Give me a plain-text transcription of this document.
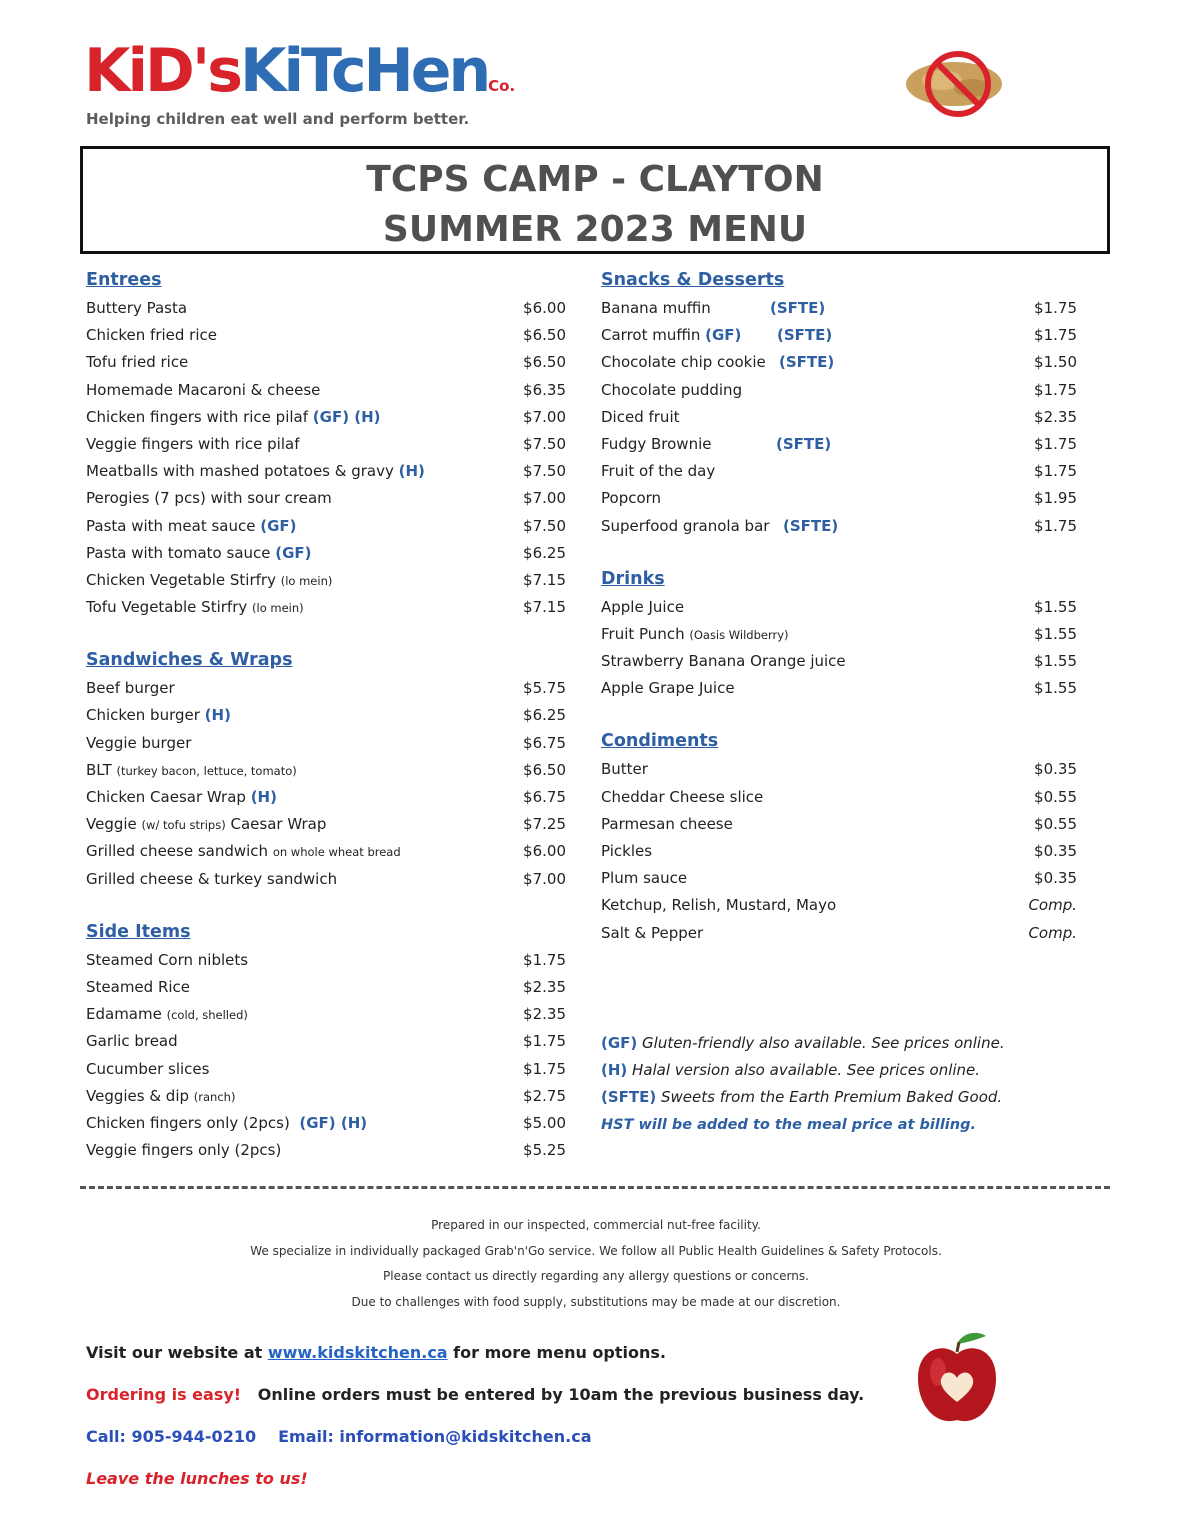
KiD'sKiTcHenCo.
Helping children eat well and perform better.
TCPS CAMP - CLAYTON
SUMMER 2023 MENU
Entrees
Buttery Pasta	$6.00
Chicken fried rice	$6.50
Tofu fried rice	$6.50
Homemade Macaroni & cheese	$6.35
Chicken fingers with rice pilaf (GF) (H)	$7.00
Veggie fingers with rice pilaf	$7.50
Meatballs with mashed potatoes & gravy (H)	$7.50
Perogies (7 pcs) with sour cream	$7.00
Pasta with meat sauce (GF)	$7.50
Pasta with tomato sauce (GF)	$6.25
Chicken Vegetable Stirfry (lo mein)	$7.15
Tofu Vegetable Stirfry (lo mein)	$7.15
Sandwiches & Wraps
Beef burger	$5.75
Chicken burger (H)	$6.25
Veggie burger	$6.75
BLT (turkey bacon, lettuce, tomato)	$6.50
Chicken Caesar Wrap (H)	$6.75
Veggie (w/ tofu strips) Caesar Wrap	$7.25
Grilled cheese sandwich on whole wheat bread	$6.00
Grilled cheese & turkey sandwich	$7.00
Side Items
Steamed Corn niblets	$1.75
Steamed Rice	$2.35
Edamame (cold, shelled)	$2.35
Garlic bread	$1.75
Cucumber slices	$1.75
Veggies & dip (ranch)	$2.75
Chicken fingers only (2pcs)  (GF) (H)	$5.00
Veggie fingers only (2pcs)	$5.25
Snacks & Desserts
Banana muffin	(SFTE)	$1.75
Carrot muffin (GF) (SFTE)	$1.75
Chocolate chip cookie (SFTE)	$1.50
Chocolate pudding	$1.75
Diced fruit	$2.35
Fudgy Brownie	(SFTE)	$1.75
Fruit of the day	$1.75
Popcorn	$1.95
Superfood granola bar (SFTE)	$1.75
Drinks
Apple Juice	$1.55
Fruit Punch (Oasis Wildberry)	$1.55
Strawberry Banana Orange juice	$1.55
Apple Grape Juice	$1.55
Condiments
Butter	$0.35
Cheddar Cheese slice	$0.55
Parmesan cheese	$0.55
Pickles	$0.35
Plum sauce	$0.35
Ketchup, Relish, Mustard, Mayo	Comp.
Salt & Pepper	Comp.
(GF) Gluten-friendly also available. See prices online.
(H) Halal version also available. See prices online.
(SFTE) Sweets from the Earth Premium Baked Good.
HST will be added to the meal price at billing.
Prepared in our inspected, commercial nut-free facility.
We specialize in individually packaged Grab'n'Go service. We follow all Public Health Guidelines & Safety Protocols.
Please contact us directly regarding any allergy questions or concerns.
Due to challenges with food supply, substitutions may be made at our discretion.
Visit our website at www.kidskitchen.ca for more menu options.
Ordering is easy!   Online orders must be entered by 10am the previous business day.
Call: 905-944-0210 Email: information@kidskitchen.ca
Leave the lunches to us!
